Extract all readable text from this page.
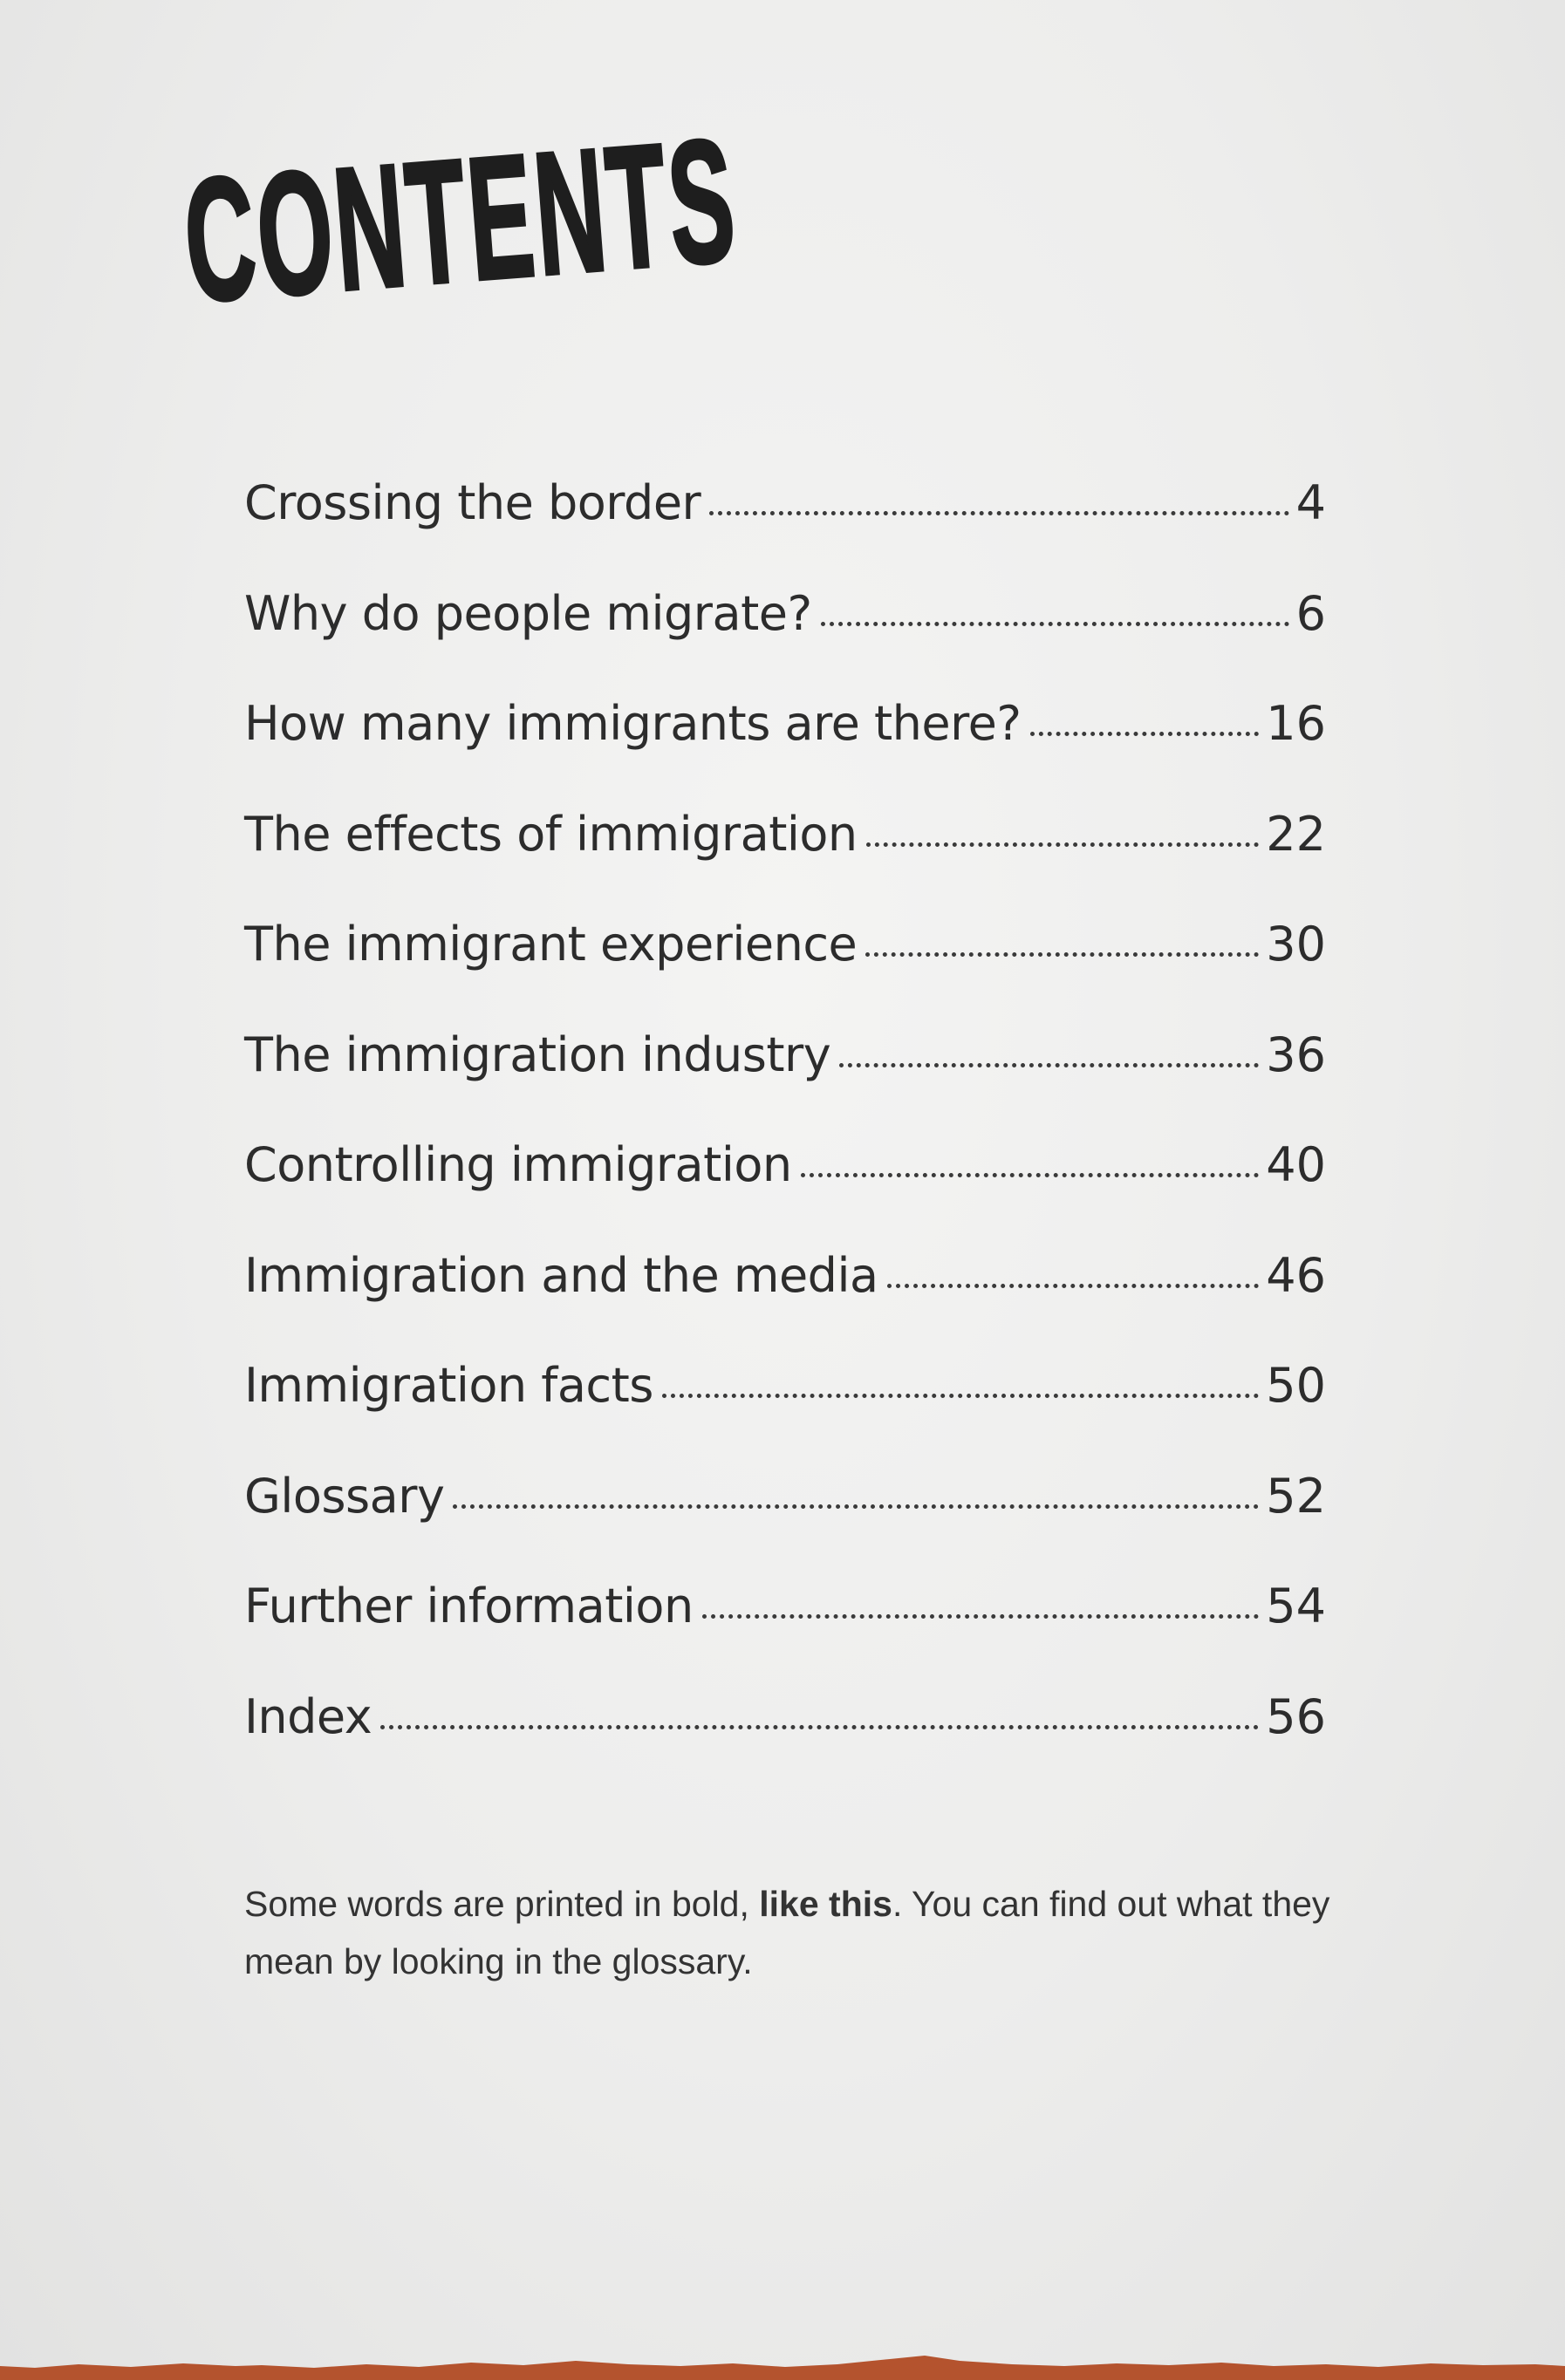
CONTENTS
Crossing the border	4
Why do people migrate?	6
How many immigrants are there?	16
The effects of immigration	22
The immigrant experience	30
The immigration industry	36
Controlling immigration	40
Immigration and the media	46
Immigration facts	50
Glossary	52
Further information	54
Index	56

Some words are printed in bold, like this. You can find out what they mean by looking in the glossary.
